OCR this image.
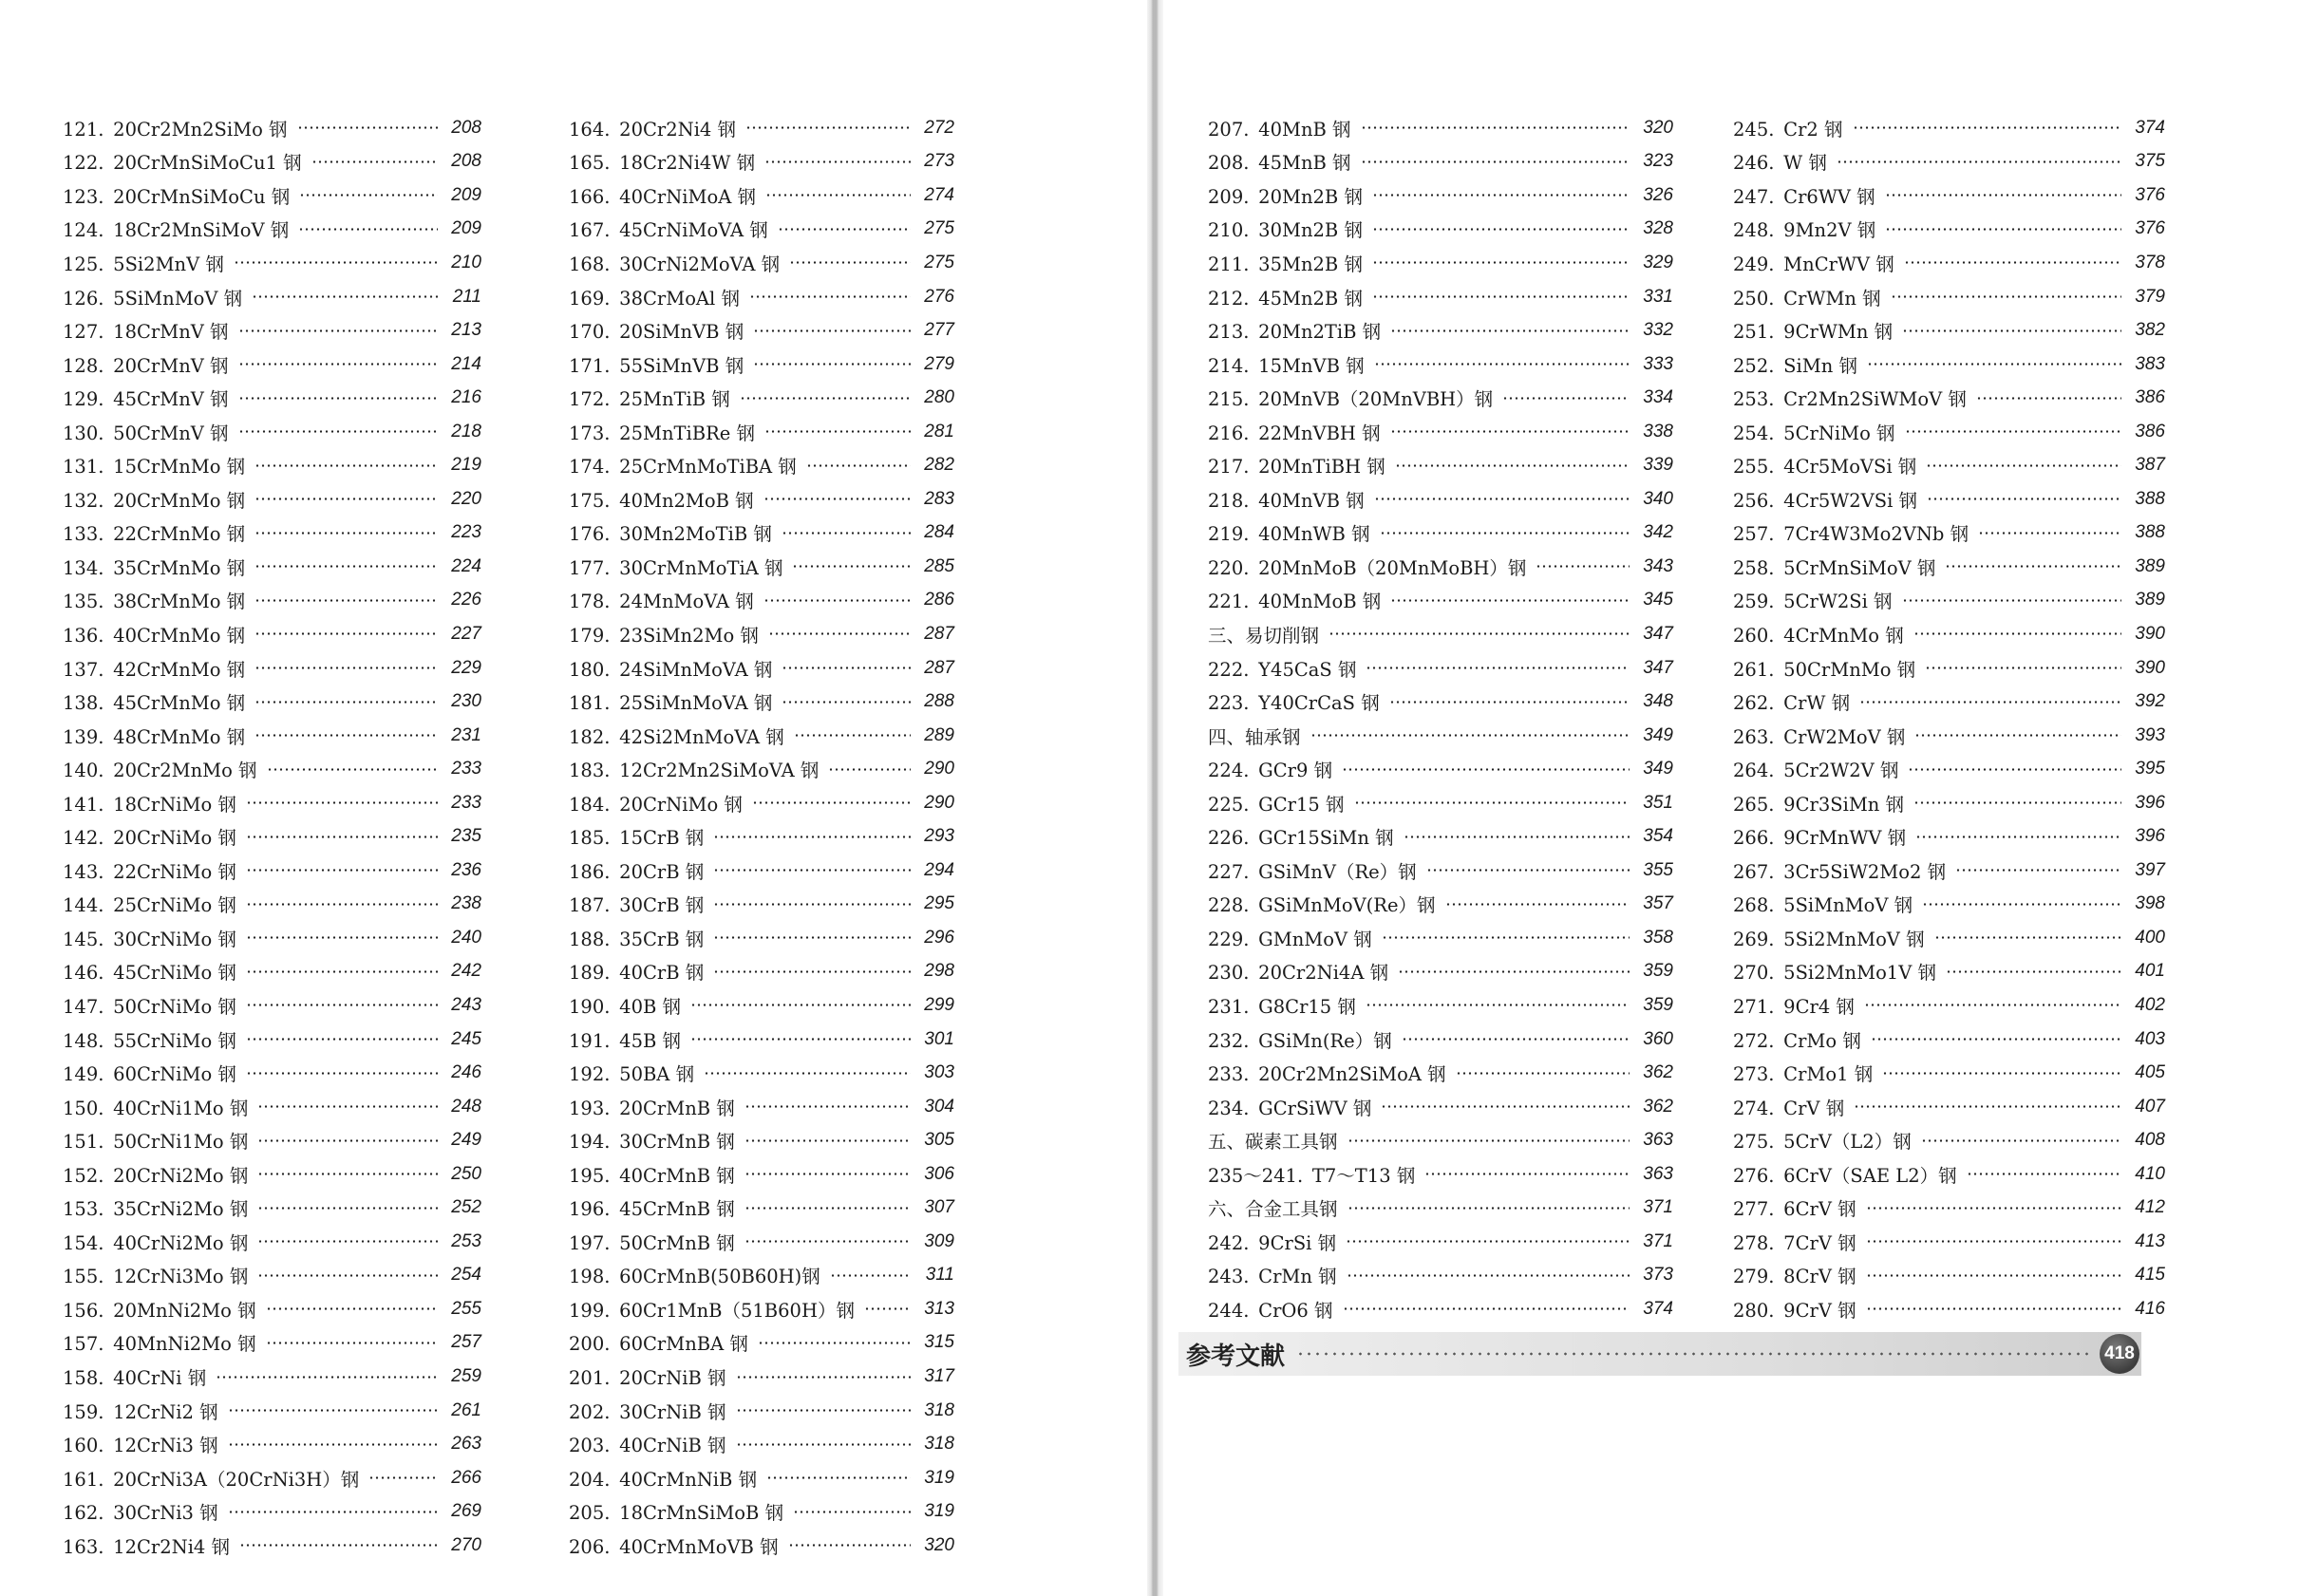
121. 20Cr2Mn2SiMo 钢	208
122. 20CrMnSiMoCu1 钢	208
123. 20CrMnSiMoCu 钢	209
124. 18Cr2MnSiMoV 钢	209
125. 5Si2MnV 钢	210
126. 5SiMnMoV 钢	211
127. 18CrMnV 钢	213
128. 20CrMnV 钢	214
129. 45CrMnV 钢	216
130. 50CrMnV 钢	218
131. 15CrMnMo 钢	219
132. 20CrMnMo 钢	220
133. 22CrMnMo 钢	223
134. 35CrMnMo 钢	224
135. 38CrMnMo 钢	226
136. 40CrMnMo 钢	227
137. 42CrMnMo 钢	229
138. 45CrMnMo 钢	230
139. 48CrMnMo 钢	231
140. 20Cr2MnMo 钢	233
141. 18CrNiMo 钢	233
142. 20CrNiMo 钢	235
143. 22CrNiMo 钢	236
144. 25CrNiMo 钢	238
145. 30CrNiMo 钢	240
146. 45CrNiMo 钢	242
147. 50CrNiMo 钢	243
148. 55CrNiMo 钢	245
149. 60CrNiMo 钢	246
150. 40CrNi1Mo 钢	248
151. 50CrNi1Mo 钢	249
152. 20CrNi2Mo 钢	250
153. 35CrNi2Mo 钢	252
154. 40CrNi2Mo 钢	253
155. 12CrNi3Mo 钢	254
156. 20MnNi2Mo 钢	255
157. 40MnNi2Mo 钢	257
158. 40CrNi 钢	259
159. 12CrNi2 钢	261
160. 12CrNi3 钢	263
161. 20CrNi3A（20CrNi3H）钢	266
162. 30CrNi3 钢	269
163. 12Cr2Ni4 钢	270
164. 20Cr2Ni4 钢	272
165. 18Cr2Ni4W 钢	273
166. 40CrNiMoA 钢	274
167. 45CrNiMoVA 钢	275
168. 30CrNi2MoVA 钢	275
169. 38CrMoAl 钢	276
170. 20SiMnVB 钢	277
171. 55SiMnVB 钢	279
172. 25MnTiB 钢	280
173. 25MnTiBRe 钢	281
174. 25CrMnMoTiBA 钢	282
175. 40Mn2MoB 钢	283
176. 30Mn2MoTiB 钢	284
177. 30CrMnMoTiA 钢	285
178. 24MnMoVA 钢	286
179. 23SiMn2Mo 钢	287
180. 24SiMnMoVA 钢	287
181. 25SiMnMoVA 钢	288
182. 42Si2MnMoVA 钢	289
183. 12Cr2Mn2SiMoVA 钢	290
184. 20CrNiMo 钢	290
185. 15CrB 钢	293
186. 20CrB 钢	294
187. 30CrB 钢	295
188. 35CrB 钢	296
189. 40CrB 钢	298
190. 40B 钢	299
191. 45B 钢	301
192. 50BA 钢	303
193. 20CrMnB 钢	304
194. 30CrMnB 钢	305
195. 40CrMnB 钢	306
196. 45CrMnB 钢	307
197. 50CrMnB 钢	309
198. 60CrMnB(50B60H)钢	311
199. 60Cr1MnB（51B60H）钢	313
200. 60CrMnBA 钢	315
201. 20CrNiB 钢	317
202. 30CrNiB 钢	318
203. 40CrNiB 钢	318
204. 40CrMnNiB 钢	319
205. 18CrMnSiMoB 钢	319
206. 40CrMnMoVB 钢	320
207. 40MnB 钢	320
208. 45MnB 钢	323
209. 20Mn2B 钢	326
210. 30Mn2B 钢	328
211. 35Mn2B 钢	329
212. 45Mn2B 钢	331
213. 20Mn2TiB 钢	332
214. 15MnVB 钢	333
215. 20MnVB（20MnVBH）钢	334
216. 22MnVBH 钢	338
217. 20MnTiBH 钢	339
218. 40MnVB 钢	340
219. 40MnWB 钢	342
220. 20MnMoB（20MnMoBH）钢	343
221. 40MnMoB 钢	345
三、易切削钢	347
222. Y45CaS 钢	347
223. Y40CrCaS 钢	348
四、轴承钢	349
224. GCr9 钢	349
225. GCr15 钢	351
226. GCr15SiMn 钢	354
227. GSiMnV（Re）钢	355
228. GSiMnMoV(Re）钢	357
229. GMnMoV 钢	358
230. 20Cr2Ni4A 钢	359
231. G8Cr15 钢	359
232. GSiMn(Re）钢	360
233. 20Cr2Mn2SiMoA 钢	362
234. GCrSiWV 钢	362
五、碳素工具钢	363
235～241. T7～T13 钢	363
六、合金工具钢	371
242. 9CrSi 钢	371
243. CrMn 钢	373
244. CrO6 钢	374
245. Cr2 钢	374
246. W 钢	375
247. Cr6WV 钢	376
248. 9Mn2V 钢	376
249. MnCrWV 钢	378
250. CrWMn 钢	379
251. 9CrWMn 钢	382
252. SiMn 钢	383
253. Cr2Mn2SiWMoV 钢	386
254. 5CrNiMo 钢	386
255. 4Cr5MoVSi 钢	387
256. 4Cr5W2VSi 钢	388
257. 7Cr4W3Mo2VNb 钢	388
258. 5CrMnSiMoV 钢	389
259. 5CrW2Si 钢	389
260. 4CrMnMo 钢	390
261. 50CrMnMo 钢	390
262. CrW 钢	392
263. CrW2MoV 钢	393
264. 5Cr2W2V 钢	395
265. 9Cr3SiMn 钢	396
266. 9CrMnWV 钢	396
267. 3Cr5SiW2Mo2 钢	397
268. 5SiMnMoV 钢	398
269. 5Si2MnMoV 钢	400
270. 5Si2MnMo1V 钢	401
271. 9Cr4 钢	402
272. CrMo 钢	403
273. CrMo1 钢	405
274. CrV 钢	407
275. 5CrV（L2）钢	408
276. 6CrV（SAE L2）钢	410
277. 6CrV 钢	412
278. 7CrV 钢	413
279. 8CrV 钢	415
280. 9CrV 钢	416
参考文献	418
